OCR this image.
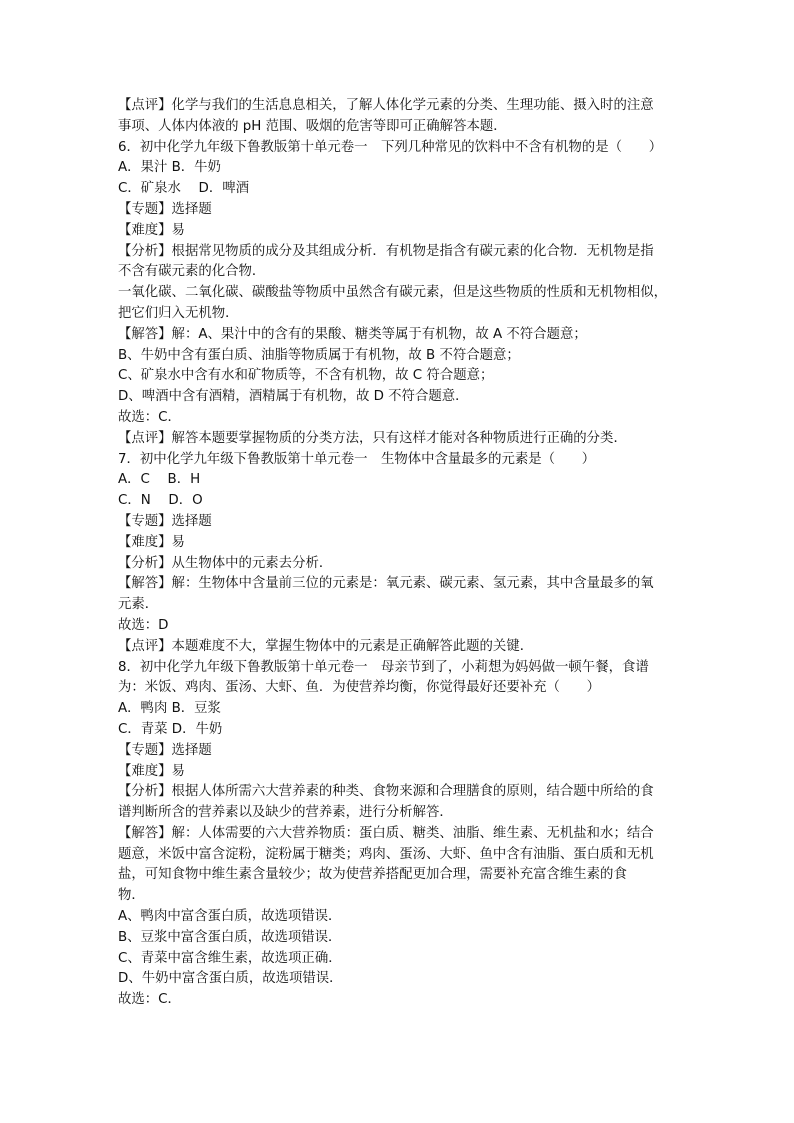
【点评】化学与我们的生活息息相关，了解人体化学元素的分类、生理功能、摄入时的注意
事项、人体内体液的 pH 范围、吸烟的危害等即可正确解答本题．
6．初中化学九年级下鲁教版第十单元卷一　下列几种常见的饮料中不含有机物的是（　　）
A．果汁 B．牛奶
C．矿泉水　 D．啤酒
【专题】选择题
【难度】易
【分析】根据常见物质的成分及其组成分析．有机物是指含有碳元素的化合物．无机物是指
不含有碳元素的化合物．
一氧化碳、二氧化碳、碳酸盐等物质中虽然含有碳元素，但是这些物质的性质和无机物相似，
把它们归入无机物．
【解答】解：A、果汁中的含有的果酸、糖类等属于有机物，故 A 不符合题意；
B、牛奶中含有蛋白质、油脂等物质属于有机物，故 B 不符合题意；
C、矿泉水中含有水和矿物质等，不含有机物，故 C 符合题意；
D、啤酒中含有酒精，酒精属于有机物，故 D 不符合题意．
故选：C．
【点评】解答本题要掌握物质的分类方法，只有这样才能对各种物质进行正确的分类．
7．初中化学九年级下鲁教版第十单元卷一　生物体中含量最多的元素是（　　）
A．C　 B．H
C．N　 D．O
【专题】选择题
【难度】易
【分析】从生物体中的元素去分析．
【解答】解：生物体中含量前三位的元素是：氧元素、碳元素、氢元素，其中含量最多的氧
元素．
故选：D
【点评】本题难度不大，掌握生物体中的元素是正确解答此题的关键．
8．初中化学九年级下鲁教版第十单元卷一　母亲节到了，小莉想为妈妈做一顿午餐，食谱
为：米饭、鸡肉、蛋汤、大虾、鱼．为使营养均衡，你觉得最好还要补充（　　）
A．鸭肉 B．豆浆
C．青菜 D．牛奶
【专题】选择题
【难度】易
【分析】根据人体所需六大营养素的种类、食物来源和合理膳食的原则，结合题中所给的食
谱判断所含的营养素以及缺少的营养素，进行分析解答．
【解答】解：人体需要的六大营养物质：蛋白质、糖类、油脂、维生素、无机盐和水；结合
题意，米饭中富含淀粉，淀粉属于糖类；鸡肉、蛋汤、大虾、鱼中含有油脂、蛋白质和无机
盐，可知食物中维生素含量较少；故为使营养搭配更加合理，需要补充富含维生素的食
物．
A、鸭肉中富含蛋白质，故选项错误．
B、豆浆中富含蛋白质，故选项错误．
C、青菜中富含维生素，故选项正确．
D、牛奶中富含蛋白质，故选项错误．
故选：C．
